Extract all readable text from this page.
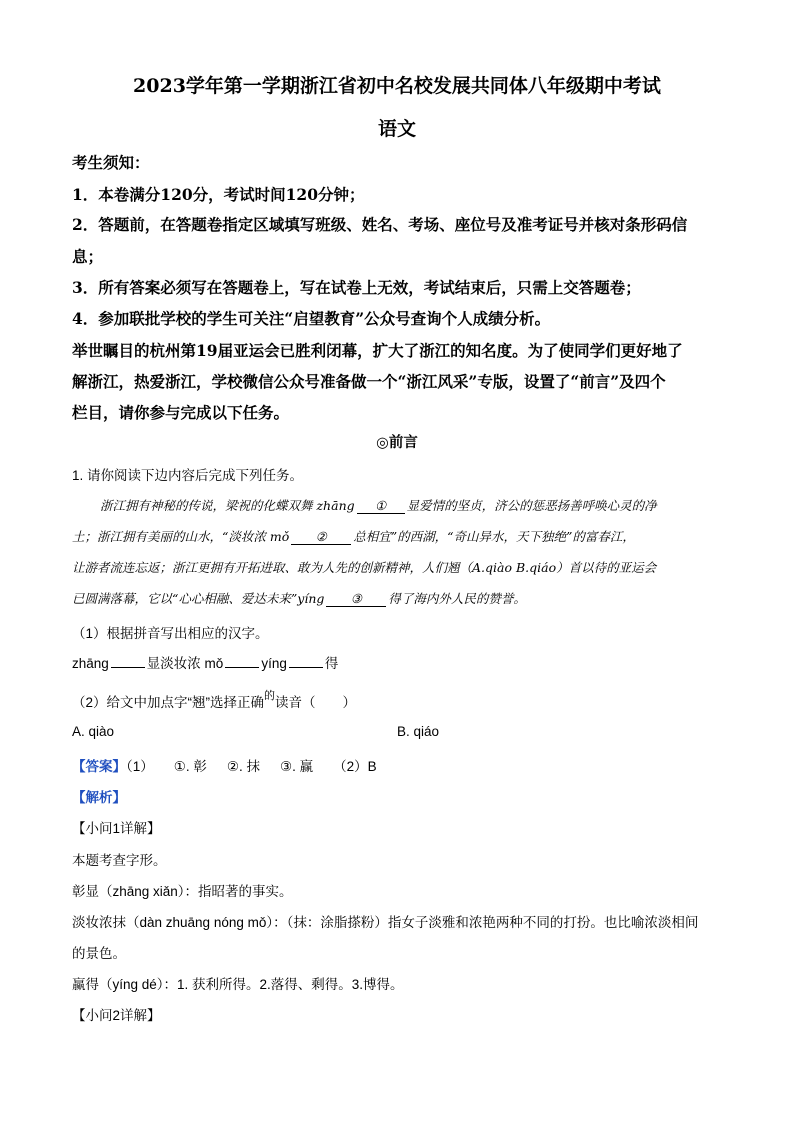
2023学年第一学期浙江省初中名校发展共同体八年级期中考试
语文
考生须知：
1．本卷满分120分，考试时间120分钟；
2．答题前，在答题卷指定区域填写班级、姓名、考场、座位号及准考证号并核对条形码信
息；
3．所有答案必须写在答题卷上，写在试卷上无效，考试结束后，只需上交答题卷；
4．参加联批学校的学生可关注“启望教育”公众号查询个人成绩分析。
举世瞩目的杭州第19届亚运会已胜利闭幕，扩大了浙江的知名度。为了使同学们更好地了
解浙江，热爱浙江，学校微信公众号准备做一个“浙江风采”专版，设置了“前言”及四个
栏目，请你参与完成以下任务。
◎前言
1. 请你阅读下边内容后完成下列任务。
浙江拥有神秘的传说，梁祝的化蝶双舞 zhāng ① 显爱情的坚贞，济公的惩恶扬善呼唤心灵的净
土；浙江拥有美丽的山水，“淡妆浓 mǒ ② 总相宜”的西湖，“奇山异水，天下独绝”的富春江，
让游者流连忘返；浙江更拥有开拓进取、敢为人先的创新精神，人们翘（A.qiào B.qiáo）首以待的亚运会
已圆满落幕，它以“心心相融、爱达未来”yíng ③ 得了海内外人民的赞誉。
（1）根据拼音写出相应的汉字。
zhāng	显淡妆浓 mǒ	yíng	得
（2）给文中加点字“翘”选择正确$^的$读音（　　）
A. qiào	B. qiáo
【答案】（1） ①. 彰 ②. 抹 ③. 赢 （2）B
【解析】
【小问1详解】
本题考查字形。
彰显（zhāng xiǎn）：指昭著的事实。
淡妆浓抹（dàn zhuāng nóng mǒ）：（抹：涂脂搽粉）指女子淡雅和浓艳两种不同的打扮。也比喻浓淡相间
的景色。
赢得（yíng dé）：1. 获利所得。2.落得、剩得。3.博得。
【小问2详解】
